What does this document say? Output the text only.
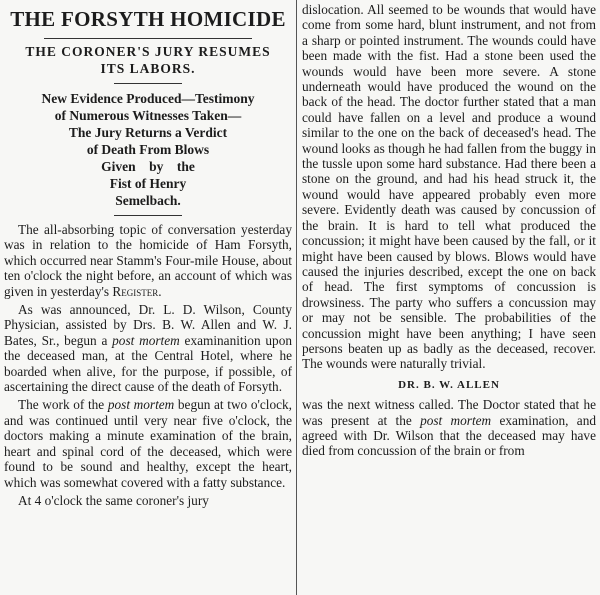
THE FORSYTH HOMICIDE
THE CORONER'S JURY RESUMES
ITS LABORS.
New Evidence Produced—Testimony
of Numerous Witnesses Taken—
The Jury Returns a Verdict
of Death From Blows
Given    by    the
Fist of Henry
Semelbach.

The all-absorbing topic of conversation yesterday was in relation to the homicide of Ham Forsyth, which occurred near Stamm's Four-mile House, about ten o'clock the night before, an account of which was given in yesterday's Register.

As was announced, Dr. L. D. Wilson, County Physician, assisted by Drs. B. W. Allen and W. J. Bates, Sr., begun a post mortem examinanition upon the deceased man, at the Central Hotel, where he boarded when alive, for the purpose, if possible, of ascertaining the direct cause of the death of Forsyth.

The work of the post mortem begun at two o'clock, and was continued until very near five o'clock, the doctors making a minute examination of the brain, heart and spinal cord of the deceased, which were found to be sound and healthy, except the heart, which was somewhat covered with a fatty substance.

At 4 o'clock the same coroner's jury

dislocation. All seemed to be wounds that would have come from some hard, blunt instrument, and not from a sharp or pointed instrument. The wounds could have been made with the fist. Had a stone been used the wounds would have been more severe. A stone underneath would have produced the wound on the back of the head. The doctor further stated that a man could have fallen on a level and produce a wound similar to the one on the back of deceased's head. The wound looks as though he had fallen from the buggy in the tussle upon some hard substance. Had there been a stone on the ground, and had his head struck it, the wound would have appeared probably even more severe. Evidently death was caused by concussion of the brain. It is hard to tell what produced the concussion; it might have been caused by the fall, or it might have been caused by blows. Blows would have caused the injuries described, except the one on back of head. The first symptoms of concussion is drowsiness. The party who suffers a concussion may or may not be sensible. The probabilities of the concussion might have been anything; I have seen persons beaten up as badly as the deceased, recover. The wounds were naturally trivial.

DR. B. W. ALLEN

was the next witness called. The Doctor stated that he was present at the post mortem examination, and agreed with Dr. Wilson that the deceased may have died from concussion of the brain or from
